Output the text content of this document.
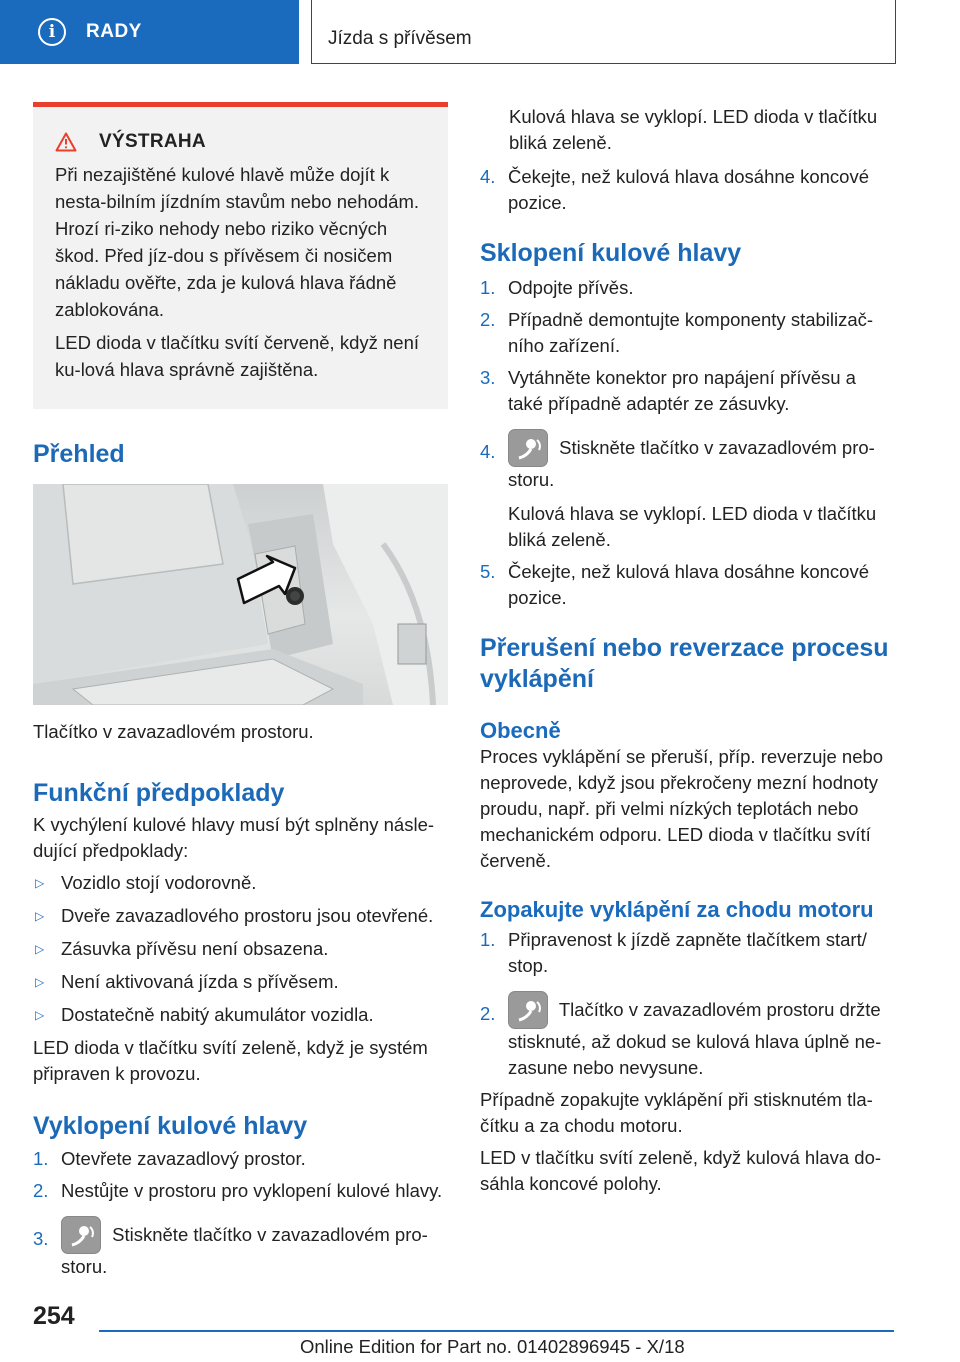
i	RADY	Jízda s přívěsem
VÝSTRAHA

Při nezajištěné kulové hlavě může dojít k nesta-bilním jízdním stavům nebo nehodám. Hrozí ri-ziko nehody nebo riziko věcných škod. Před jíz-dou s přívěsem či nosičem nákladu ověřte, zda je kulová hlava řádně zablokována.

LED dioda v tlačítku svítí červeně, když není ku-lová hlava správně zajištěna.

Přehled

Tlačítko v zavazadlovém prostoru.

Funkční předpoklady

K vychýlení kulové hlavy musí být splněny násle-dující předpoklady:

▷ Vozidlo stojí vodorovně.
▷ Dveře zavazadlového prostoru jsou otevřené.
▷ Zásuvka přívěsu není obsazena.
▷ Není aktivovaná jízda s přívěsem.
▷ Dostatečně nabitý akumulátor vozidla.

LED dioda v tlačítku svítí zeleně, když je systém připraven k provozu.

Vyklopení kulové hlavy
1. Otevřete zavazadlový prostor.
2. Nestůjte v prostoru pro vyklopení kulové hlavy.
3.	Stiskněte tlačítko v zavazadlovém pro-storu.

Kulová hlava se vyklopí. LED dioda v tlačítku bliká zeleně.

4. Čekejte, než kulová hlava dosáhne koncové pozice.
Sklopení kulové hlavy
1. Odpojte přívěs.
2. Případně demontujte komponenty stabilizač-ního zařízení.
3. Vytáhněte konektor pro napájení přívěsu a také případně adaptér ze zásuvky.
4.	Stiskněte tlačítko v zavazadlovém pro-storu.

Kulová hlava se vyklopí. LED dioda v tlačítku bliká zeleně.

5. Čekejte, než kulová hlava dosáhne koncové pozice.
Přerušení nebo reverzace procesu vyklápění
Obecně

Proces vyklápění se přeruší, příp. reverzuje nebo neprovede, když jsou překročeny mezní hodnoty proudu, např. při velmi nízkých teplotách nebo mechanickém odporu. LED dioda v tlačítku svítí červeně.

Zopakujte vyklápění za chodu motoru
1. Připravenost k jízdě zapněte tlačítkem start/ stop.
2.	Tlačítko v zavazadlovém prostoru držte stisknuté, až dokud se kulová hlava úplně ne-zasune nebo nevysune.

Případně zopakujte vyklápění při stisknutém tla-čítku a za chodu motoru.

LED v tlačítku svítí zeleně, když kulová hlava do-sáhla koncové polohy.

254
Online Edition for Part no. 01402896945 - X/18
